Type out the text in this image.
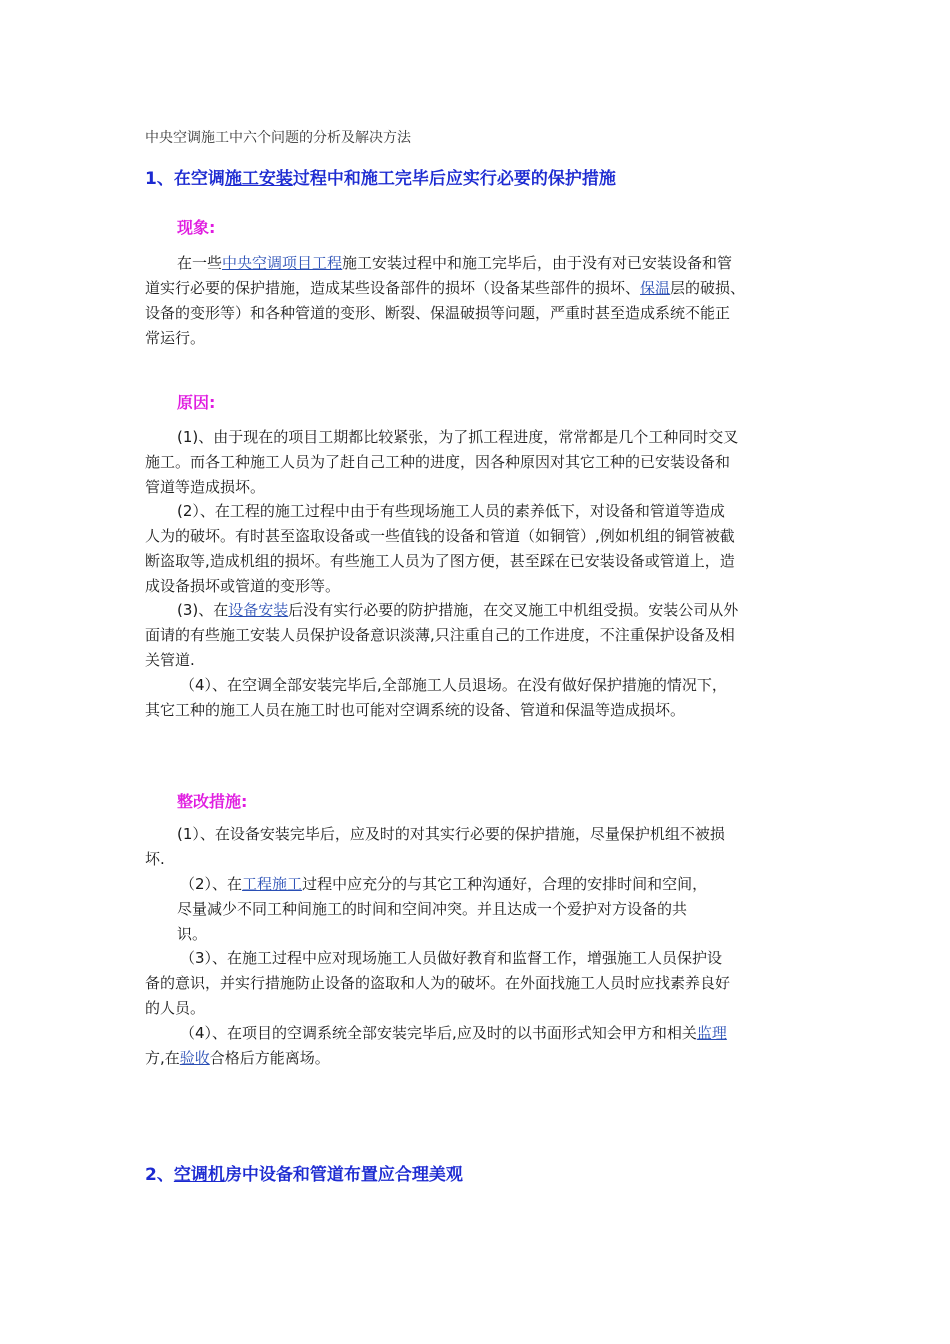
中央空调施工中六个问题的分析及解决方法
1、在空调施工安装过程中和施工完毕后应实行必要的保护措施
现象:
在一些中央空调项目工程施工安装过程中和施工完毕后，由于没有对已安装设备和管
道实行必要的保护措施，造成某些设备部件的损坏（设备某些部件的损坏、保温层的破损、
设备的变形等）和各种管道的变形、断裂、保温破损等问题，严重时甚至造成系统不能正
常运行。
原因:
(1)、由于现在的项目工期都比较紧张，为了抓工程进度，常常都是几个工种同时交叉
施工。而各工种施工人员为了赶自己工种的进度，因各种原因对其它工种的已安装设备和
管道等造成损坏。
(2）、在工程的施工过程中由于有些现场施工人员的素养低下，对设备和管道等造成
人为的破坏。有时甚至盗取设备或一些值钱的设备和管道（如铜管）,例如机组的铜管被截
断盗取等,造成机组的损坏。有些施工人员为了图方便，甚至踩在已安装设备或管道上，造
成设备损坏或管道的变形等。
(3)、在设备安装后没有实行必要的防护措施，在交叉施工中机组受损。安装公司从外
面请的有些施工安装人员保护设备意识淡薄,只注重自己的工作进度，不注重保护设备及相
关管道.
（4）、在空调全部安装完毕后,全部施工人员退场。在没有做好保护措施的情况下，
其它工种的施工人员在施工时也可能对空调系统的设备、管道和保温等造成损坏。
整改措施:
(1）、在设备安装完毕后，应及时的对其实行必要的保护措施，尽量保护机组不被损
坏.
（2）、在工程施工过程中应充分的与其它工种沟通好，合理的安排时间和空间，
尽量减少不同工种间施工的时间和空间冲突。并且达成一个爱护对方设备的共
识。
（3）、在施工过程中应对现场施工人员做好教育和监督工作，增强施工人员保护设
备的意识，并实行措施防止设备的盗取和人为的破坏。在外面找施工人员时应找素养良好
的人员。
（4）、在项目的空调系统全部安装完毕后,应及时的以书面形式知会甲方和相关监理
方,在验收合格后方能离场。
2、空调机房中设备和管道布置应合理美观
